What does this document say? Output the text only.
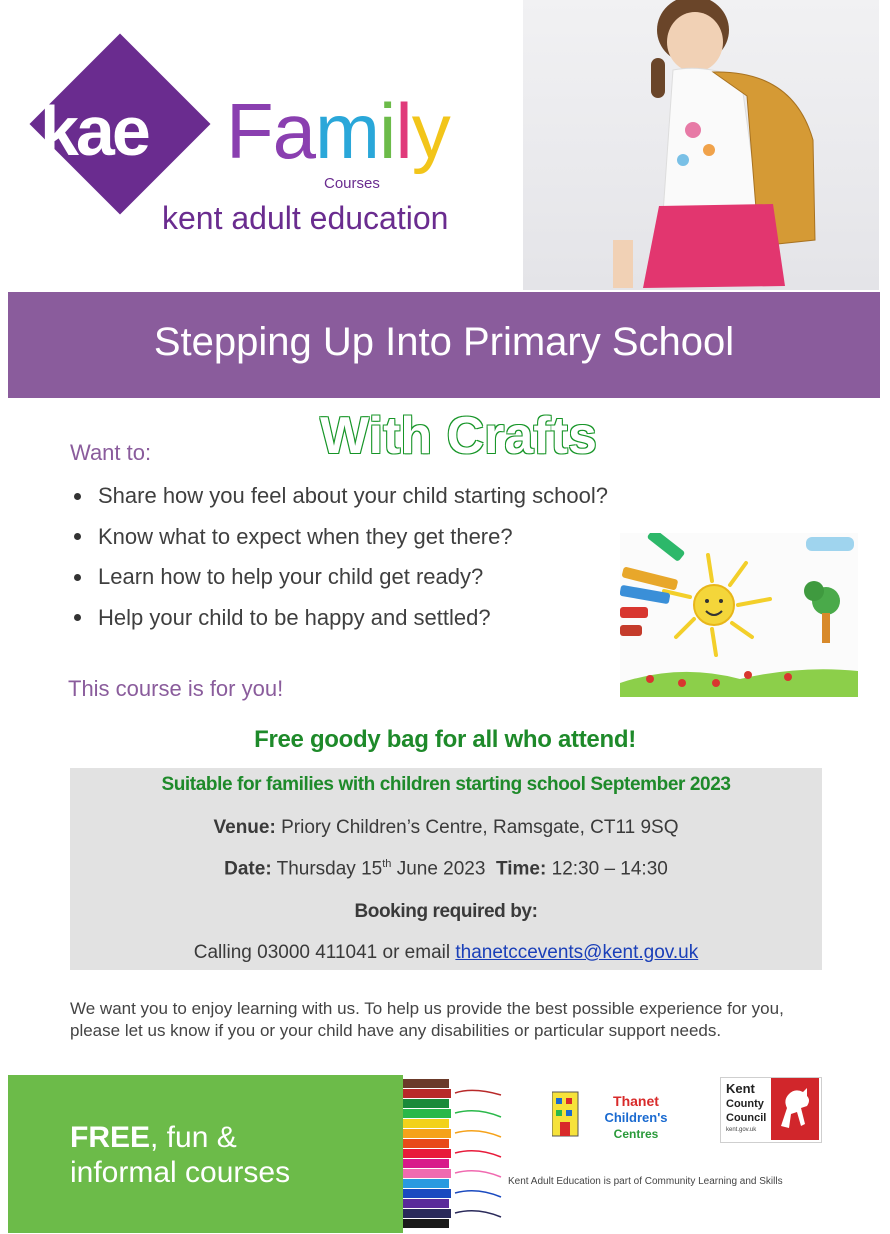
kae	Family
Courses
kent adult education
Stepping Up Into Primary School
With Crafts
Want to:
Share how you feel about your child starting school?
Know what to expect when they get there?
Learn how to help your child get ready?
Help your child to be happy and settled?
This course is for you!
Free goody bag for all who attend!
Suitable for families with children starting school September 2023
Venue: Priory Children’s Centre, Ramsgate, CT11 9SQ
Date: Thursday 15th June 2023 Time: 12:30 – 14:30
Booking required by:
Calling 03000 411041 or email thanetccevents@kent.gov.uk
We want you to enjoy learning with us. To help us provide the best possible experience for you, please let us know if you or your child have any disabilities or particular support needs.
FREE, fun &
informal courses
Thanet
Children's
Centres
Kent
County
Council
kent.gov.uk
Kent Adult Education is part of Community Learning and Skills
